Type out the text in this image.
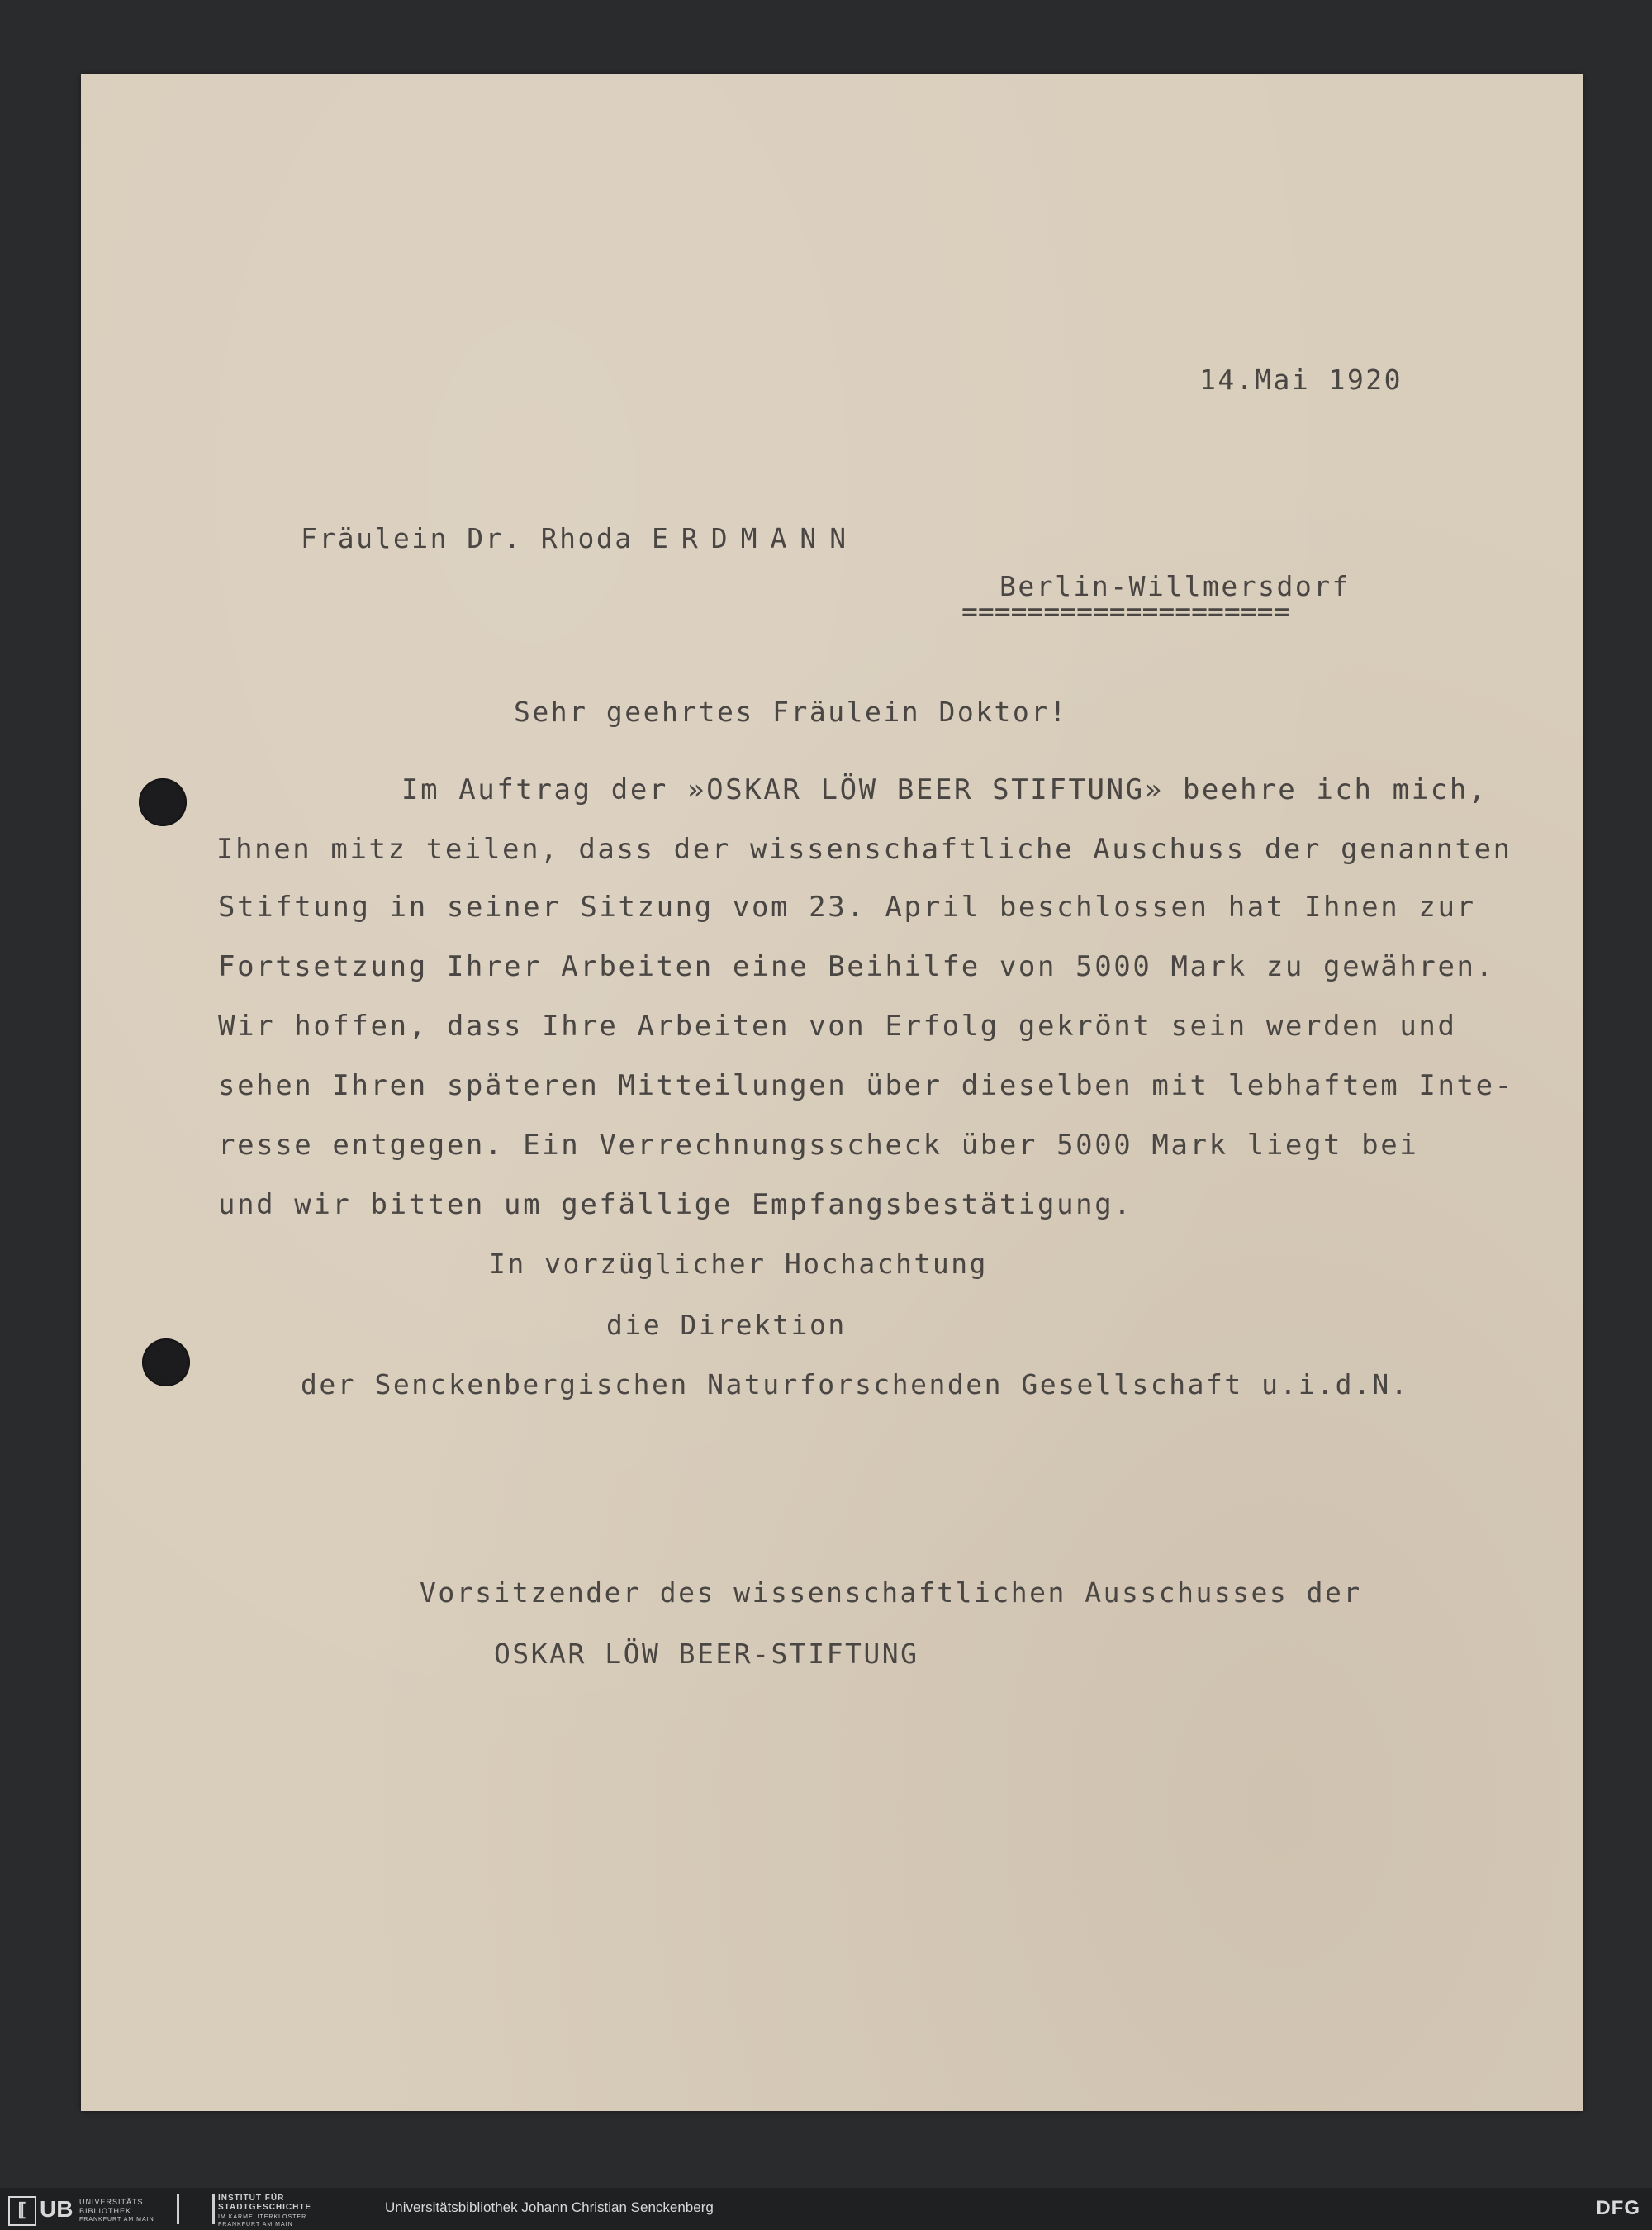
14.Mai 1920
Fräulein Dr. Rhoda ERDMANN
Berlin-Willmersdorf
====================
Sehr geehrtes Fräulein Doktor!
Im Auftrag der »OSKAR LÖW BEER STIFTUNG» beehre ich mich,
Ihnen mitz teilen, dass der wissenschaftliche Auschuss der genannten
Stiftung in seiner Sitzung vom 23. April beschlossen hat Ihnen zur
Fortsetzung Ihrer Arbeiten eine Beihilfe von 5000 Mark zu gewähren.
Wir hoffen, dass Ihre Arbeiten von Erfolg gekrönt sein werden und
sehen Ihren späteren Mitteilungen über dieselben mit lebhaftem Inte-
resse entgegen. Ein Verrechnungsscheck über 5000 Mark liegt bei
und wir bitten um gefällige Empfangsbestätigung.
In vorzüglicher Hochachtung
die Direktion
der Senckenbergischen Naturforschenden Gesellschaft u.i.d.N.
Vorsitzender des wissenschaftlichen Ausschusses der
OSKAR LÖW BEER-STIFTUNG
⟦ UB UNIVERSITÄTS
BIBLIOTHEK
FRANKFURT AM MAIN
INSTITUT FÜR
STADTGESCHICHTE
IM KARMELITERKLOSTER
FRANKFURT AM MAIN
Universitätsbibliothek Johann Christian Senckenberg	DFG
